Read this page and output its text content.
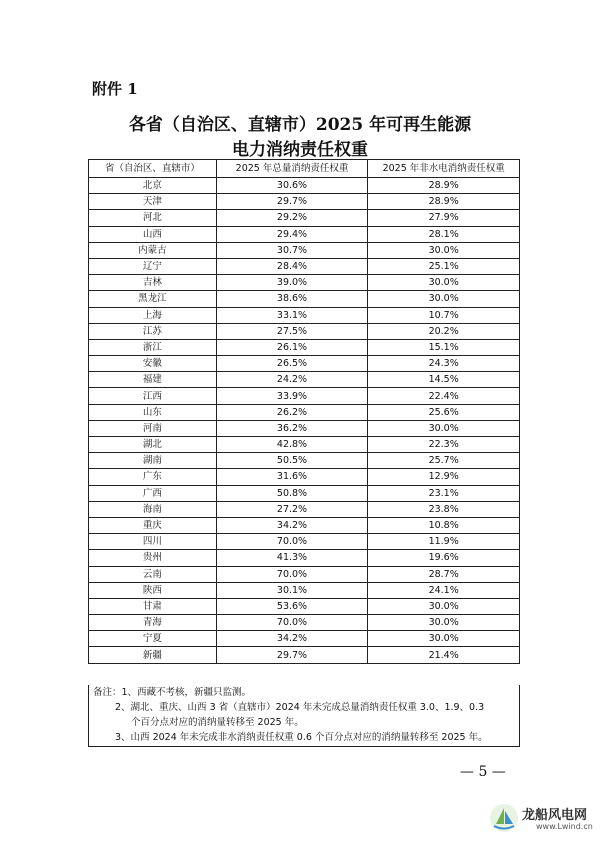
附件 1
各省（自治区、直辖市）2025 年可再生能源
电力消纳责任权重
省（自治区、直辖市）	2025 年总量消纳责任权重	2025 年非水电消纳责任权重
北京	30.6%	28.9%
天津	29.7%	28.9%
河北	29.2%	27.9%
山西	29.4%	28.1%
内蒙古	30.7%	30.0%
辽宁	28.4%	25.1%
吉林	39.0%	30.0%
黑龙江	38.6%	30.0%
上海	33.1%	10.7%
江苏	27.5%	20.2%
浙江	26.1%	15.1%
安徽	26.5%	24.3%
福建	24.2%	14.5%
江西	33.9%	22.4%
山东	26.2%	25.6%
河南	36.2%	30.0%
湖北	42.8%	22.3%
湖南	50.5%	25.7%
广东	31.6%	12.9%
广西	50.8%	23.1%
海南	27.2%	23.8%
重庆	34.2%	10.8%
四川	70.0%	11.9%
贵州	41.3%	19.6%
云南	70.0%	28.7%
陕西	30.1%	24.1%
甘肃	53.6%	30.0%
青海	70.0%	30.0%
宁夏	34.2%	30.0%
新疆	29.7%	21.4%
备注：1、西藏不考核，新疆只监测。
2、湖北、重庆、山西 3 省（直辖市）2024 年未完成总量消纳责任权重 3.0、1.9、0.3
个百分点对应的消纳量转移至 2025 年。
3、山西 2024 年未完成非水消纳责任权重 0.6 个百分点对应的消纳量转移至 2025 年。
— 5 —
龙船风电网
www.Lwind.cn
